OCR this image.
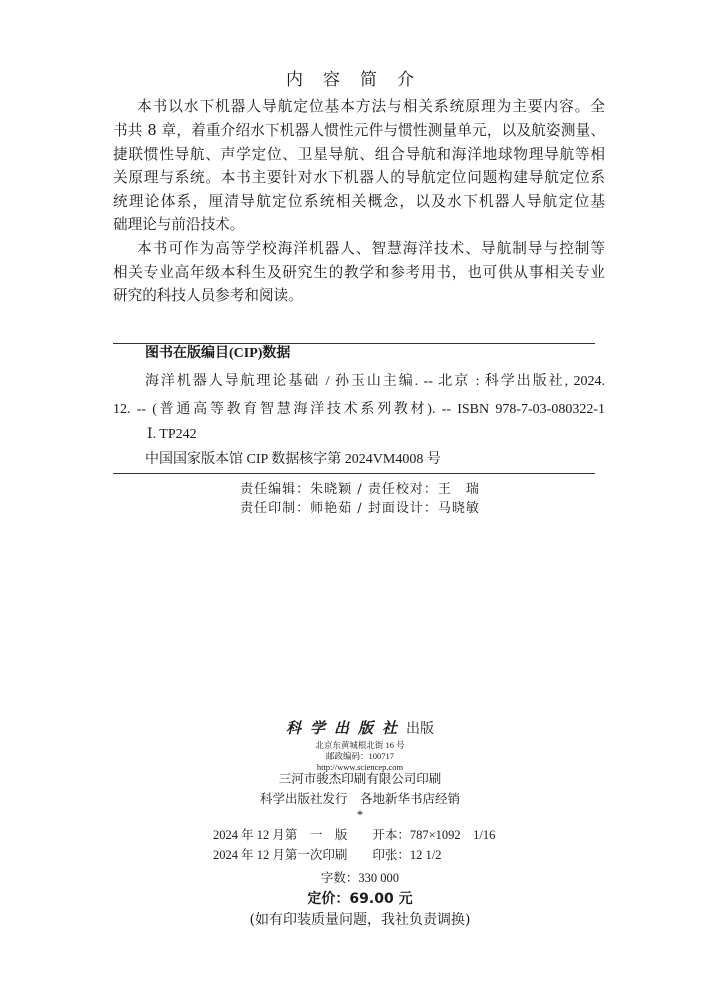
内容简介
本书以水下机器人导航定位基本方法与相关系统原理为主要内容。全
书共 8 章，着重介绍水下机器人惯性元件与惯性测量单元，以及航姿测量、
捷联惯性导航、声学定位、卫星导航、组合导航和海洋地球物理导航等相
关原理与系统。本书主要针对水下机器人的导航定位问题构建导航定位系
统理论体系，厘清导航定位系统相关概念，以及水下机器人导航定位基
础理论与前沿技术。
本书可作为高等学校海洋机器人、智慧海洋技术、导航制导与控制等
相关专业高年级本科生及研究生的教学和参考用书，也可供从事相关专业
研究的科技人员参考和阅读。
图书在版编目(CIP)数据
海洋机器人导航理论基础 / 孙玉山主编. -- 北京 : 科学出版社, 2024.
12. -- (普通高等教育智慧海洋技术系列教材). -- ISBN 978-7-03-080322-1
Ⅰ. TP242
中国国家版本馆 CIP 数据核字第 2024VM4008 号
责任编辑：朱晓颖 / 责任校对：王　瑞
责任印制：师艳茹 / 封面设计：马晓敏
科学出版社出版
北京东黄城根北街 16 号
邮政编码：100717
http://www.sciencep.com
三河市骏杰印刷有限公司印刷
科学出版社发行　各地新华书店经销
*
2024 年 12 月第　一　版　　开本：787×1092　1/16
2024 年 12 月第一次印刷　　印张：12 1/2
字数：330 000
定价：69.00 元
(如有印装质量问题，我社负责调换)
